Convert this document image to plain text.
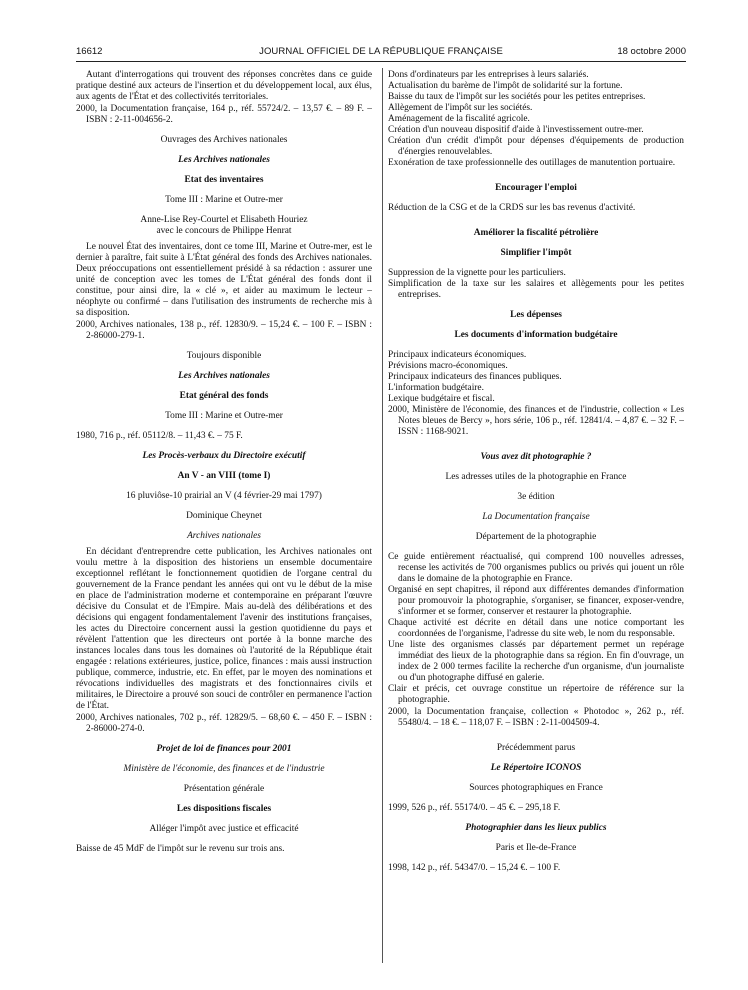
16612	JOURNAL OFFICIEL DE LA RÉPUBLIQUE FRANÇAISE	18 octobre 2000

Autant d'interrogations qui trouvent des réponses concrètes dans ce guide pratique destiné aux acteurs de l'insertion et du développement local, aux élus, aux agents de l'État et des collectivités territoriales.

2000, la Documentation française, 164 p., réf. 55724/2. – 13,57 €. – 89 F. – ISBN : 2-11-004656-2.

Ouvrages des Archives nationales

Les Archives nationales

Etat des inventaires

Tome III : Marine et Outre-mer

Anne-Lise Rey-Courtel et Elisabeth Houriez

avec le concours de Philippe Henrat

Le nouvel État des inventaires, dont ce tome III, Marine et Outre-mer, est le dernier à paraître, fait suite à L'État général des fonds des Archives nationales. Deux préoccupations ont essentiellement présidé à sa rédaction : assurer une unité de conception avec les tomes de L'État général des fonds dont il constitue, pour ainsi dire, la « clé », et aider au maximum le lecteur – néophyte ou confirmé – dans l'utilisation des instruments de recherche mis à sa disposition.

2000, Archives nationales, 138 p., réf. 12830/9. – 15,24 €. – 100 F. – ISBN : 2-86000-279-1.

Toujours disponible

Les Archives nationales

Etat général des fonds

Tome III : Marine et Outre-mer

1980, 716 p., réf. 05112/8. – 11,43 €. – 75 F.

Les Procès-verbaux du Directoire exécutif

An V - an VIII (tome I)

16 pluviôse-10 prairial an V (4 février-29 mai 1797)

Dominique Cheynet

Archives nationales

En décidant d'entreprendre cette publication, les Archives nationales ont voulu mettre à la disposition des historiens un ensemble documentaire exceptionnel reflétant le fonctionnement quotidien de l'organe central du gouvernement de la France pendant les années qui ont vu le début de la mise en place de l'administration moderne et contemporaine en préparant l'œuvre décisive du Consulat et de l'Empire. Mais au-delà des délibérations et des décisions qui engagent fondamentalement l'avenir des institutions françaises, les actes du Directoire concernent aussi la gestion quotidienne du pays et révèlent l'attention que les directeurs ont portée à la bonne marche des instances locales dans tous les domaines où l'autorité de la République était engagée : relations extérieures, justice, police, finances : mais aussi instruction publique, commerce, industrie, etc. En effet, par le moyen des nominations et révocations individuelles des magistrats et des fonctionnaires civils et militaires, le Directoire a prouvé son souci de contrôler en permanence l'action de l'État.

2000, Archives nationales, 702 p., réf. 12829/5. – 68,60 €. – 450 F. – ISBN : 2-86000-274-0.

Projet de loi de finances pour 2001

Ministère de l'économie, des finances et de l'industrie

Présentation générale

Les dispositions fiscales

Alléger l'impôt avec justice et efficacité

Baisse de 45 MdF de l'impôt sur le revenu sur trois ans.

Dons d'ordinateurs par les entreprises à leurs salariés.

Actualisation du barème de l'impôt de solidarité sur la fortune.

Baisse du taux de l'impôt sur les sociétés pour les petites entreprises.

Allègement de l'impôt sur les sociétés.

Aménagement de la fiscalité agricole.

Création d'un nouveau dispositif d'aide à l'investissement outre-mer.

Création d'un crédit d'impôt pour dépenses d'équipements de production d'énergies renouvelables.

Exonération de taxe professionnelle des outillages de manutention portuaire.

Encourager l'emploi

Réduction de la CSG et de la CRDS sur les bas revenus d'activité.

Améliorer la fiscalité pétrolière

Simplifier l'impôt

Suppression de la vignette pour les particuliers.

Simplification de la taxe sur les salaires et allègements pour les petites entreprises.

Les dépenses

Les documents d'information budgétaire

Principaux indicateurs économiques.

Prévisions macro-économiques.

Principaux indicateurs des finances publiques.

L'information budgétaire.

Lexique budgétaire et fiscal.

2000, Ministère de l'économie, des finances et de l'industrie, collection « Les Notes bleues de Bercy », hors série, 106 p., réf. 12841/4. – 4,87 €. – 32 F. – ISSN : 1168-9021.

Vous avez dit photographie ?

Les adresses utiles de la photographie en France

3e édition

La Documentation française

Département de la photographie

Ce guide entièrement réactualisé, qui comprend 100 nouvelles adresses, recense les activités de 700 organismes publics ou privés qui jouent un rôle dans le domaine de la photographie en France.

Organisé en sept chapitres, il répond aux différentes demandes d'information pour promouvoir la photographie, s'organiser, se financer, exposer-vendre, s'informer et se former, conserver et restaurer la photographie.

Chaque activité est décrite en détail dans une notice comportant les coordonnées de l'organisme, l'adresse du site web, le nom du responsable.

Une liste des organismes classés par département permet un repérage immédiat des lieux de la photographie dans sa région. En fin d'ouvrage, un index de 2 000 termes facilite la recherche d'un organisme, d'un journaliste ou d'un photographe diffusé en galerie.

Clair et précis, cet ouvrage constitue un répertoire de référence sur la photographie.

2000, la Documentation française, collection « Photodoc », 262 p., réf. 55480/4. – 18 €. – 118,07 F. – ISBN : 2-11-004509-4.

Précédemment parus

Le Répertoire ICONOS

Sources photographiques en France

1999, 526 p., réf. 55174/0. – 45 €. – 295,18 F.

Photographier dans les lieux publics

Paris et Ile-de-France

1998, 142 p., réf. 54347/0. – 15,24 €. – 100 F.
